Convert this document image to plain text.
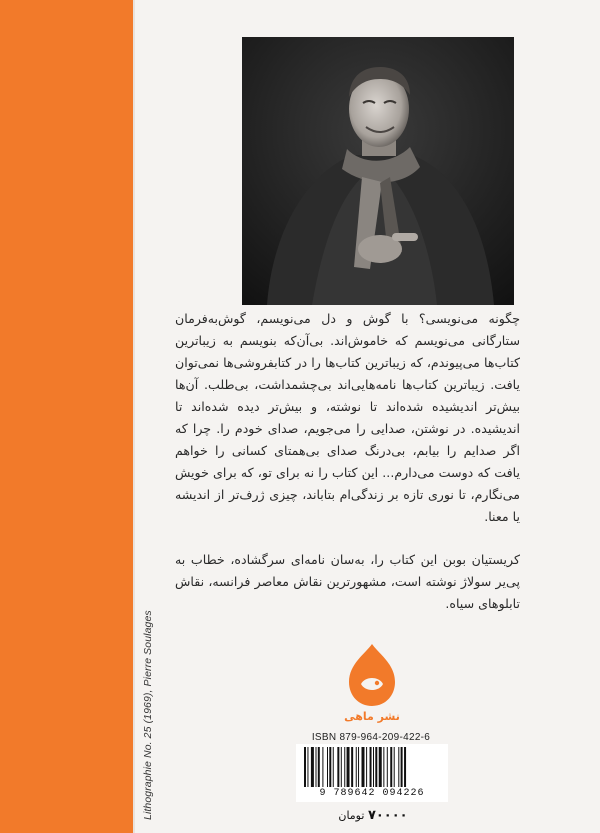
Lithographie No. 25 (1969), Pierre Soulages
چگونه می‌نویسی؟ با گوش و دل می‌نویسم، گوش‌به‌فرمان ستارگانی می‌نویسم که خاموش‌اند. بی‌آن‌که بنویسم به زیباترین کتاب‌ها می‌پیوندم، که زیباترین کتاب‌ها را در کتابفروشی‌ها نمی‌توان یافت. زیباترین کتاب‌ها نامه‌هایی‌اند بی‌چشمداشت، بی‌طلب. آن‌ها بیش‌تر اندیشیده شده‌اند تا نوشته، و بیش‌تر دیده شده‌اند تا اندیشیده. در نوشتن، صدایی را می‌جویم، صدای خودم را. چرا که اگر صدایم را بیابم، بی‌درنگ صدای بی‌همتای کسانی را خواهم یافت که دوست می‌دارم... این کتاب را نه برای تو، که برای خویش می‌نگارم، تا نوری تازه بر زندگی‌ام بتاباند، چیزی ژرف‌تر از اندیشه یا معنا.
کریستیان بوبن این کتاب را، به‌سان نامه‌ای سرگشاده، خطاب به پی‌یر سولاژ نوشته است، مشهورترین نقاش معاصر فرانسه، نقاش تابلوهای سیاه.
نشر ماهی
ISBN 879-964-209-422-6
9 789642 094226
۷۰۰۰۰ تومان
